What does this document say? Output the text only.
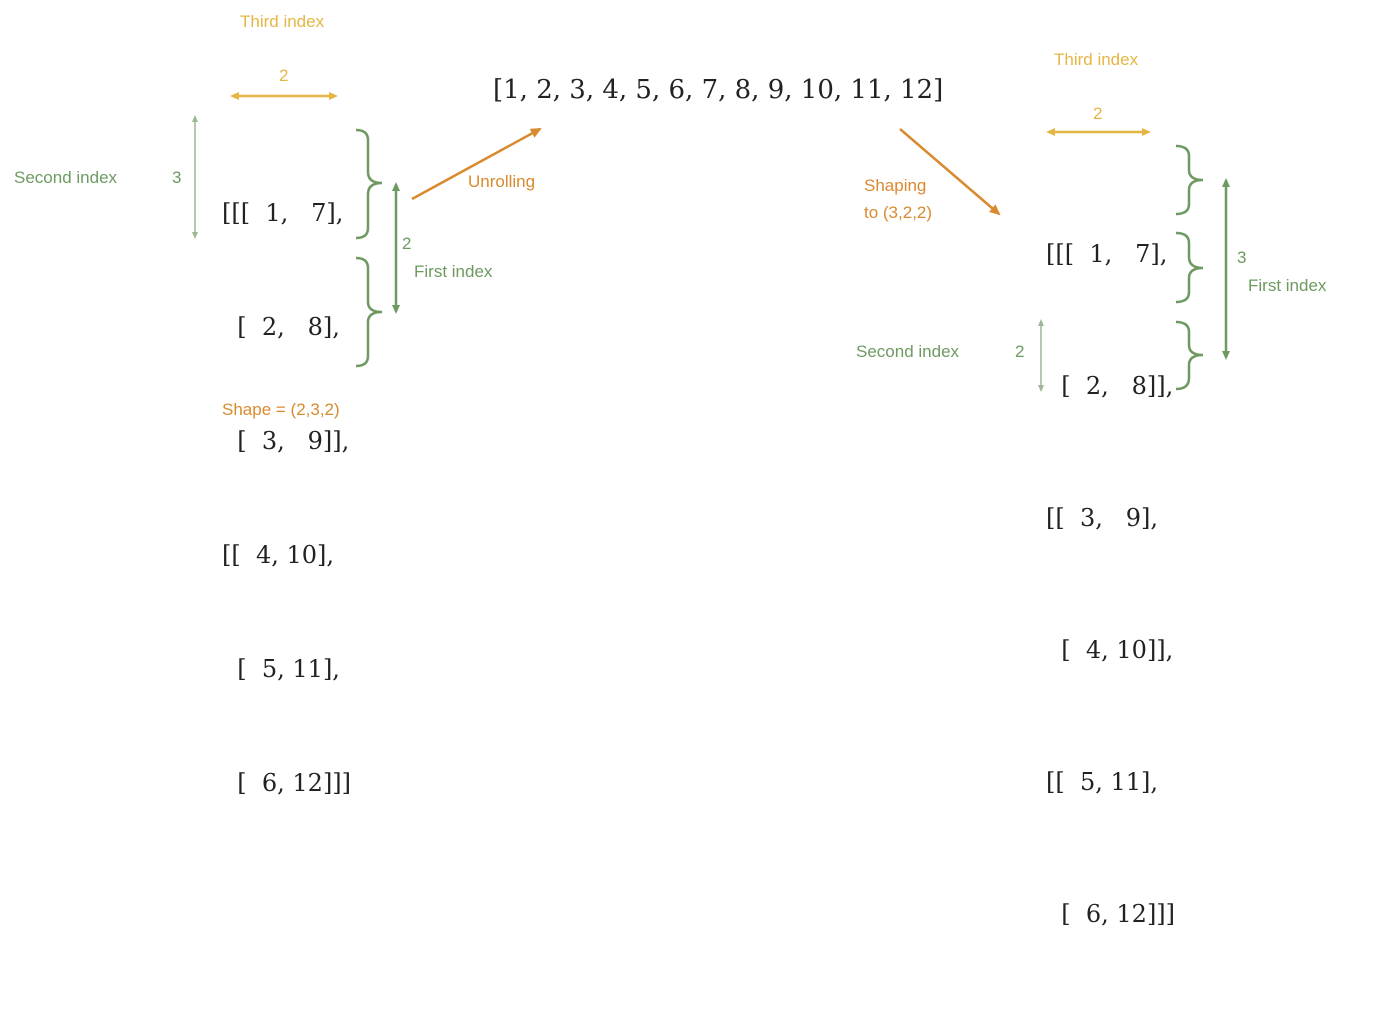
Third index
2
Second index	3
2
First index
Shape = (2,3,2)

[[[  1,   7],

[  2,   8],

[  3,   9]],

[[  4, 10],

[  5, 11],

[  6, 12]]]

[1, 2, 3, 4, 5, 6, 7, 8, 9, 10, 11, 12]
Unrolling	Shaping
to (3,2,2)
Third index
2
3
First index
Second index	2

[[[  1,   7],

[  2,   8]],

[[  3,   9],

[  4, 10]],

[[  5, 11],

[  6, 12]]]
